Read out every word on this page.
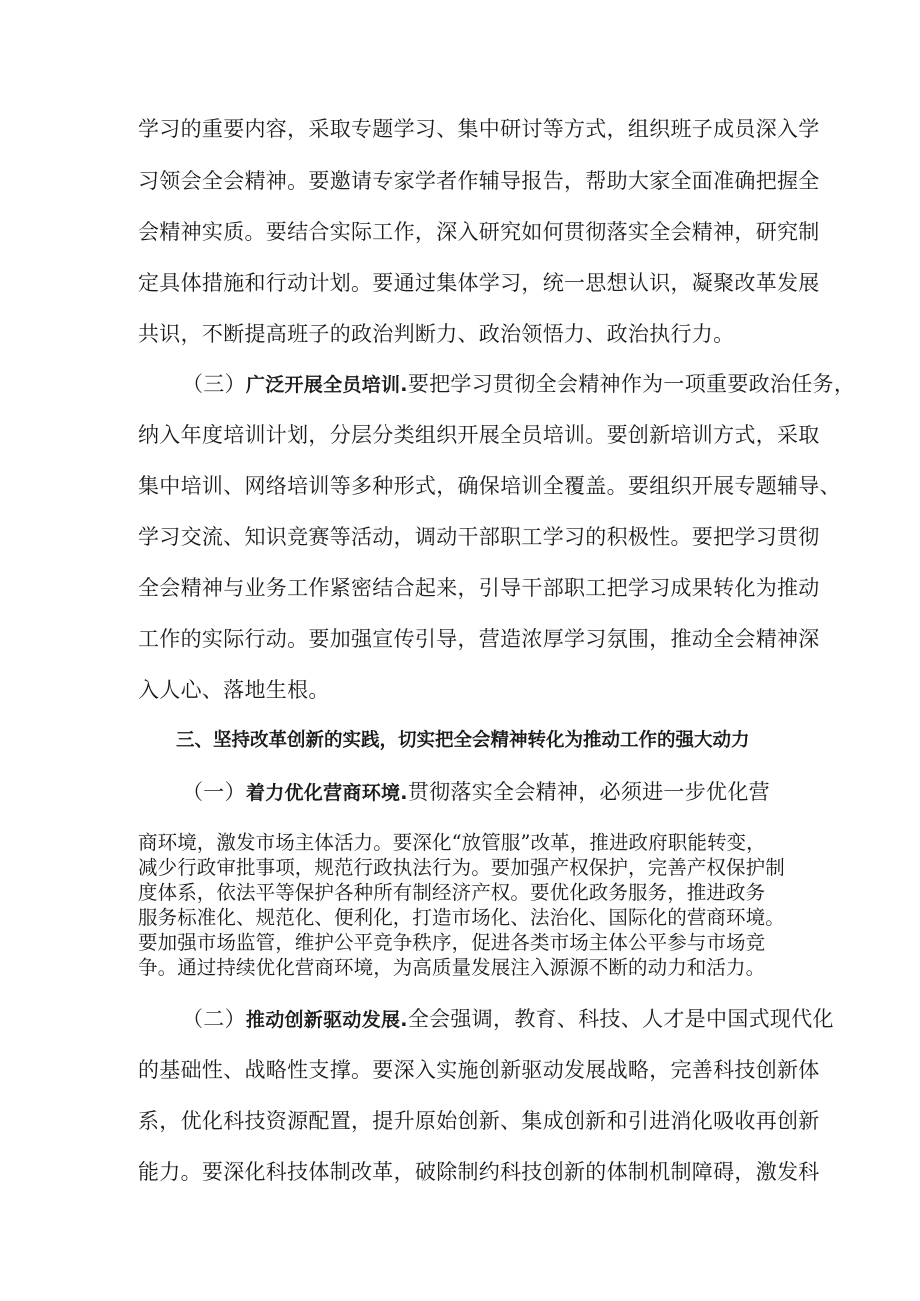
学习的重要内容，采取专题学习、集中研讨等方式，组织班子成员深入学
习领会全会精神。要邀请专家学者作辅导报告，帮助大家全面准确把握全
会精神实质。要结合实际工作，深入研究如何贯彻落实全会精神，研究制
定具体措施和行动计划。要通过集体学习，统一思想认识，凝聚改革发展
共识，不断提高班子的政治判断力、政治领悟力、政治执行力。
（三）广泛开展全员培训.要把学习贯彻全会精神作为一项重要政治任务，
纳入年度培训计划，分层分类组织开展全员培训。要创新培训方式，采取
集中培训、网络培训等多种形式，确保培训全覆盖。要组织开展专题辅导、
学习交流、知识竞赛等活动，调动干部职工学习的积极性。要把学习贯彻
全会精神与业务工作紧密结合起来，引导干部职工把学习成果转化为推动
工作的实际行动。要加强宣传引导，营造浓厚学习氛围，推动全会精神深
入人心、落地生根。
三、坚持改革创新的实践，切实把全会精神转化为推动工作的强大动力
（一）着力优化营商环境.贯彻落实全会精神，必须进一步优化营
商环境，激发市场主体活力。要深化“放管服”改革，推进政府职能转变，
减少行政审批事项，规范行政执法行为。要加强产权保护，完善产权保护制
度体系，依法平等保护各种所有制经济产权。要优化政务服务，推进政务
服务标准化、规范化、便利化，打造市场化、法治化、国际化的营商环境。
要加强市场监管，维护公平竞争秩序，促进各类市场主体公平参与市场竞
争。通过持续优化营商环境，为高质量发展注入源源不断的动力和活力。
（二）推动创新驱动发展.全会强调，教育、科技、人才是中国式现代化
的基础性、战略性支撑。要深入实施创新驱动发展战略，完善科技创新体
系，优化科技资源配置，提升原始创新、集成创新和引进消化吸收再创新
能力。要深化科技体制改革，破除制约科技创新的体制机制障碍，激发科
